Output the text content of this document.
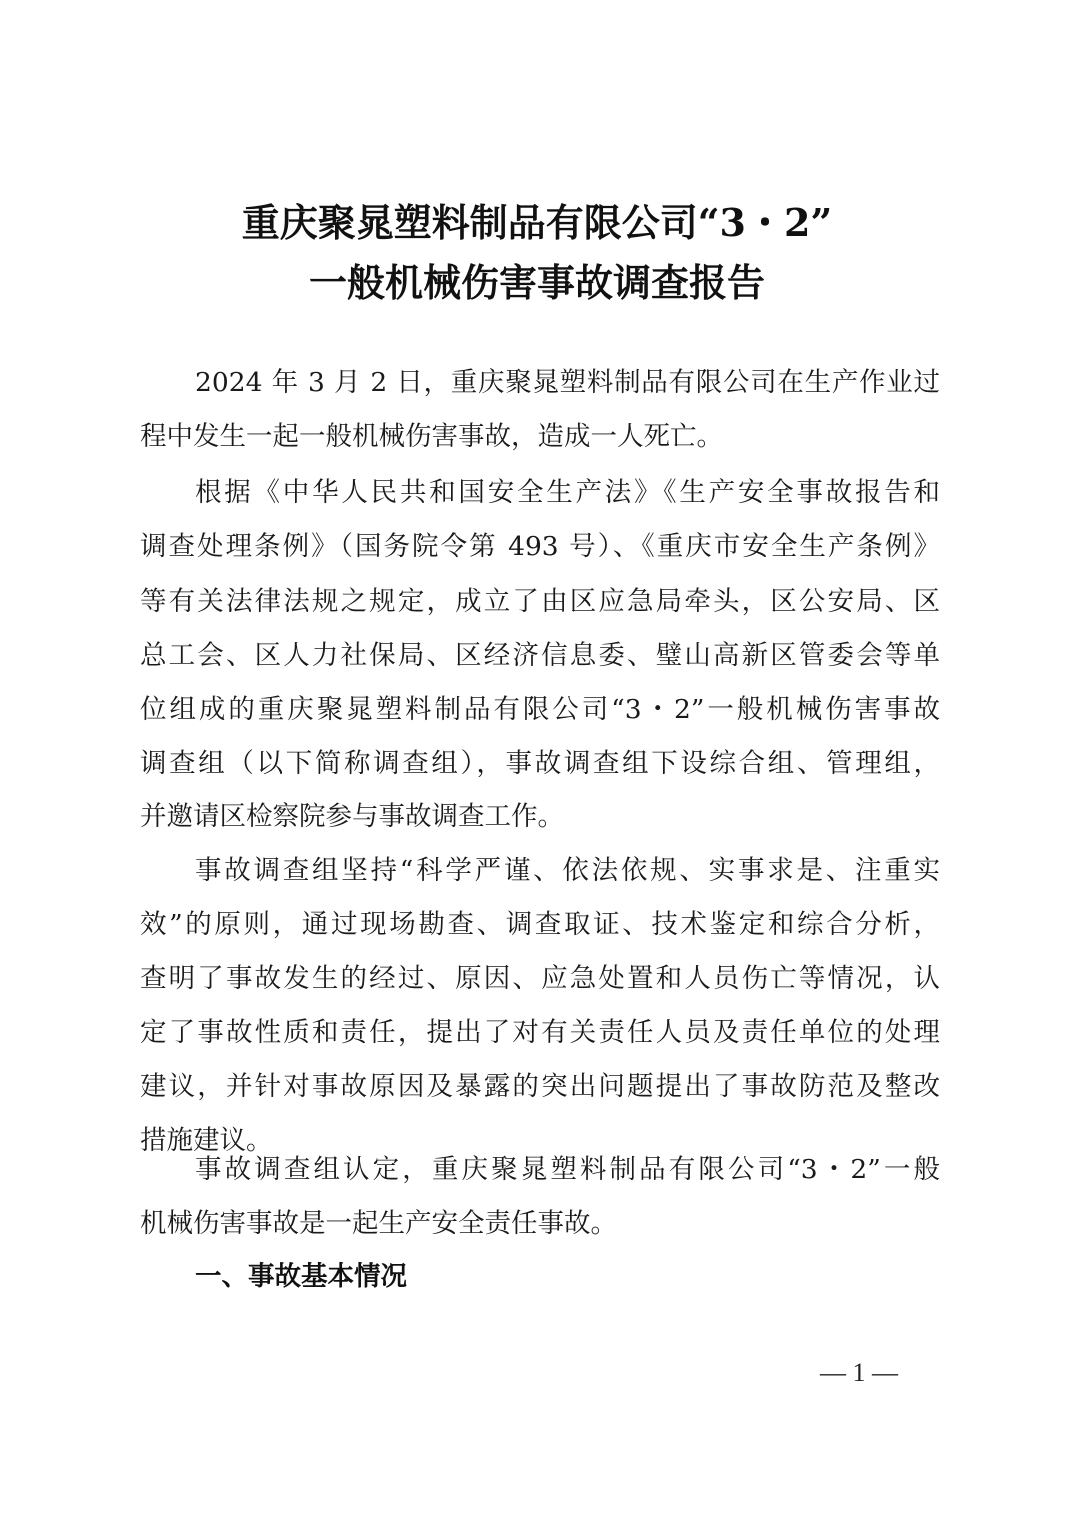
重庆聚晁塑料制品有限公司“3・2”
一般机械伤害事故调查报告
2024 年 3 月 2 日，重庆聚晁塑料制品有限公司在生产作业过
程中发生一起一般机械伤害事故，造成一人死亡。
根据《中华人民共和国安全生产法》《生产安全事故报告和
调查处理条例》（国务院令第 493 号）、《重庆市安全生产条例》
等有关法律法规之规定，成立了由区应急局牵头，区公安局、区
总工会、区人力社保局、区经济信息委、璧山高新区管委会等单
位组成的重庆聚晁塑料制品有限公司“3・2”一般机械伤害事故
调查组（以下简称调查组），事故调查组下设综合组、管理组，
并邀请区检察院参与事故调查工作。
事故调查组坚持“科学严谨、依法依规、实事求是、注重实
效”的原则，通过现场勘查、调查取证、技术鉴定和综合分析，
查明了事故发生的经过、原因、应急处置和人员伤亡等情况，认
定了事故性质和责任，提出了对有关责任人员及责任单位的处理
建议，并针对事故原因及暴露的突出问题提出了事故防范及整改
措施建议。
事故调查组认定，重庆聚晁塑料制品有限公司“3・2”一般
机械伤害事故是一起生产安全责任事故。
一、事故基本情况
— 1 —
